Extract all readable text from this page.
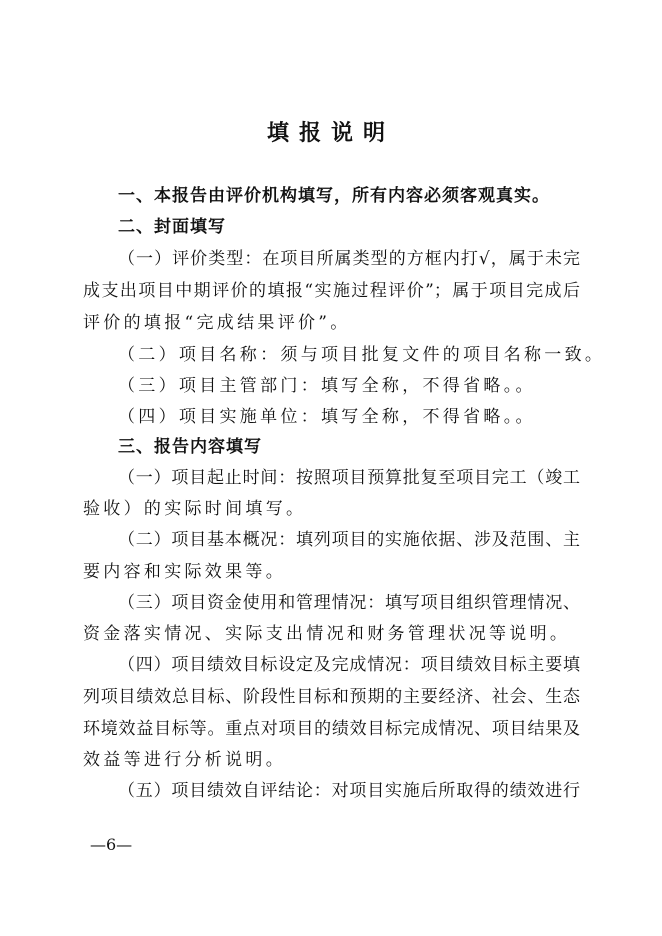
填报说明
一、本报告由评价机构填写，所有内容必须客观真实。
二、封面填写
（一）评价类型：在项目所属类型的方框内打√，属于未完
成支出项目中期评价的填报“实施过程评价”；属于项目完成后
评价的填报“完成结果评价”。
（二）项目名称：须与项目批复文件的项目名称一致。
（三）项目主管部门：填写全称，不得省略。。
（四）项目实施单位：填写全称，不得省略。。
三、报告内容填写
（一）项目起止时间：按照项目预算批复至项目完工（竣工
验收）的实际时间填写。
（二）项目基本概况：填列项目的实施依据、涉及范围、主
要内容和实际效果等。
（三）项目资金使用和管理情况：填写项目组织管理情况、
资金落实情况、实际支出情况和财务管理状况等说明。
（四）项目绩效目标设定及完成情况：项目绩效目标主要填
列项目绩效总目标、阶段性目标和预期的主要经济、社会、生态
环境效益目标等。重点对项目的绩效目标完成情况、项目结果及
效益等进行分析说明。
（五）项目绩效自评结论：对项目实施后所取得的绩效进行
—6—
